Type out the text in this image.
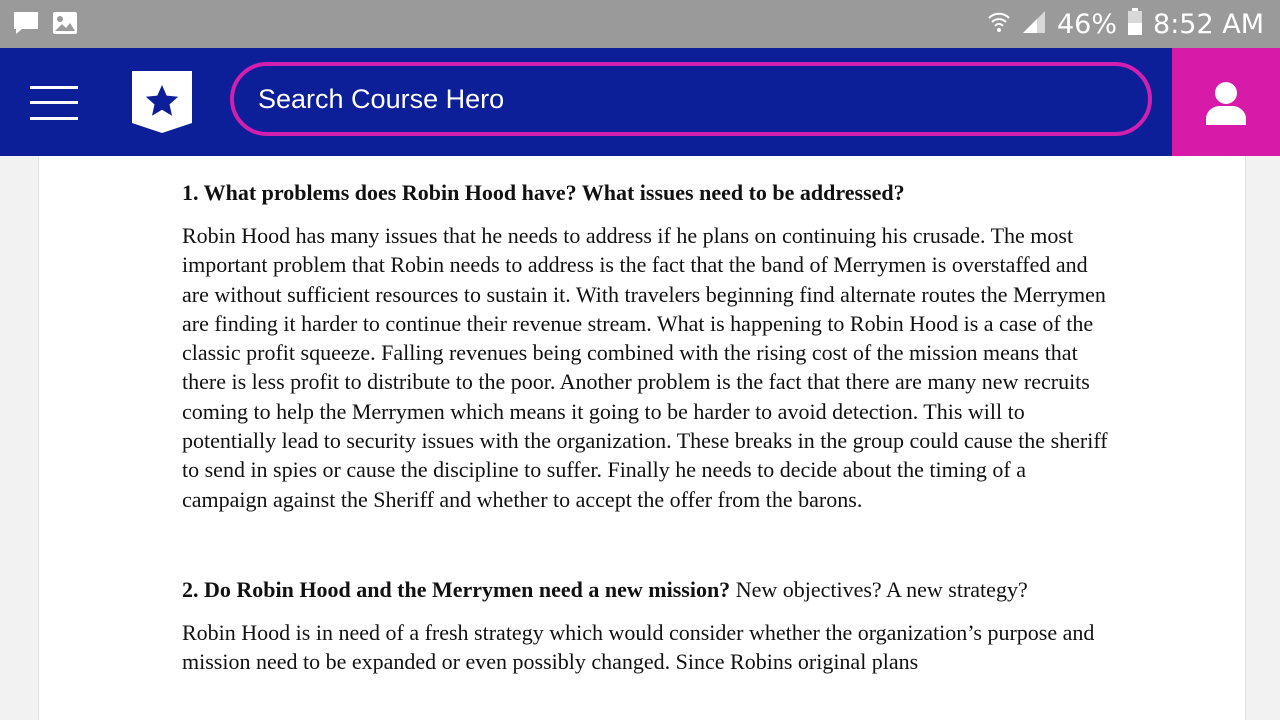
46% 8:52 AM
Search Course Hero

1. What problems does Robin Hood have? What issues need to be addressed?

Robin Hood has many issues that he needs to address if he plans on continuing his crusade. The most important problem that Robin needs to address is the fact that the band of Merrymen is overstaffed and are without sufficient resources to sustain it. With travelers beginning find alternate routes the Merrymen are finding it harder to continue their revenue stream. What is happening to Robin Hood is a case of the classic profit squeeze. Falling revenues being combined with the rising cost of the mission means that there is less profit to distribute to the poor. Another problem is the fact that there are many new recruits coming to help the Merrymen which means it going to be harder to avoid detection. This will to potentially lead to security issues with the organization. These breaks in the group could cause the sheriff to send in spies or cause the discipline to suffer. Finally he needs to decide about the timing of a campaign against the Sheriff and whether to accept the offer from the barons.

2. Do Robin Hood and the Merrymen need a new mission? New objectives? A new strategy?

Robin Hood is in need of a fresh strategy which would consider whether the organization’s purpose and mission need to be expanded or even possibly changed. Since Robins original plans
